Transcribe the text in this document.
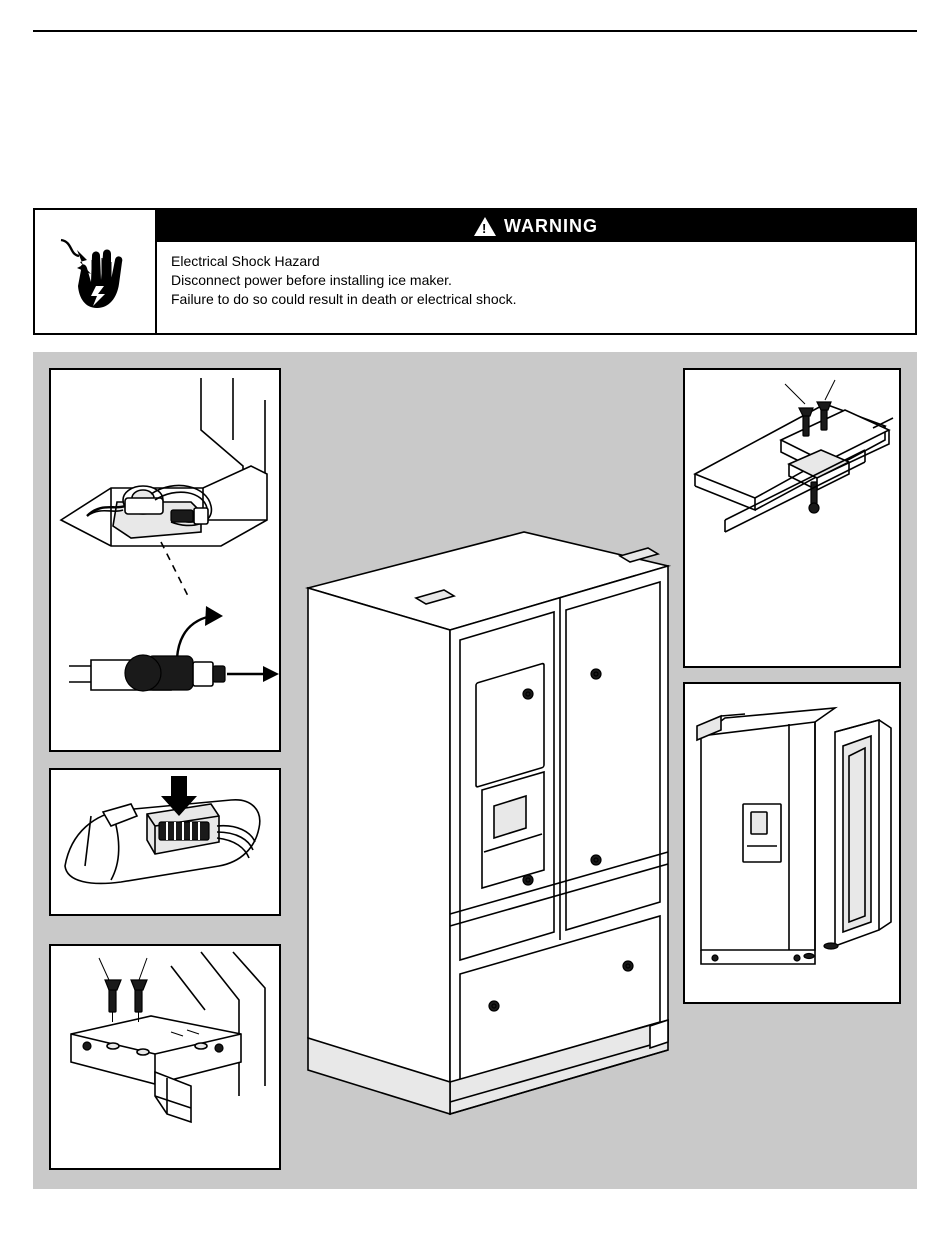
!
WARNING
Electrical Shock Hazard
Disconnect power before installing ice maker.
Failure to do so could result in death or electrical shock.
